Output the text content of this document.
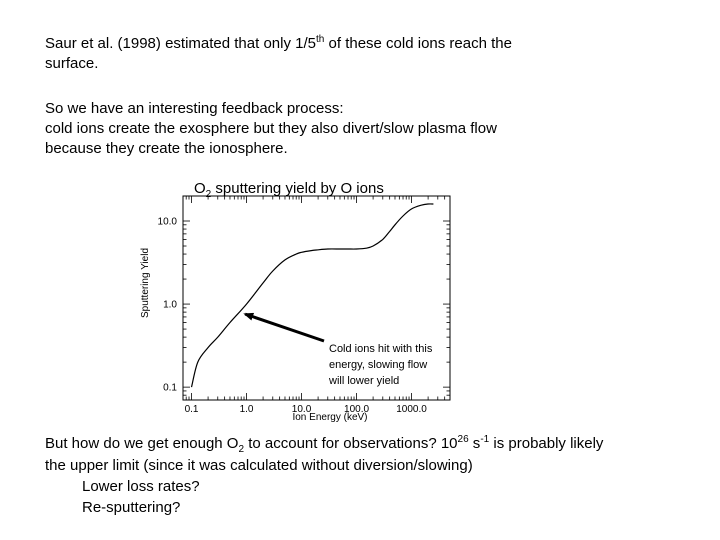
Saur et al. (1998) estimated that only 1/5th of these cold ions reach the
surface.
So we have an interesting feedback process:
cold ions create the exosphere but they also divert/slow plasma flow
because they create the ionosphere.
0.1	1.0	10.0	100.0	1000.0
0.1
1.0
10.0
Ion Energy (keV)
Sputtering Yield
$O_2$ sputtering yield by O ions
Cold ions hit with this
energy, slowing flow
will lower yield
But how do we get enough $O_2$ to account for observations? $10^{26}$ $s^{-1}$ is probably likely
the upper limit (since it was calculated without diversion/slowing)
Lower loss rates?
Re-sputtering?
